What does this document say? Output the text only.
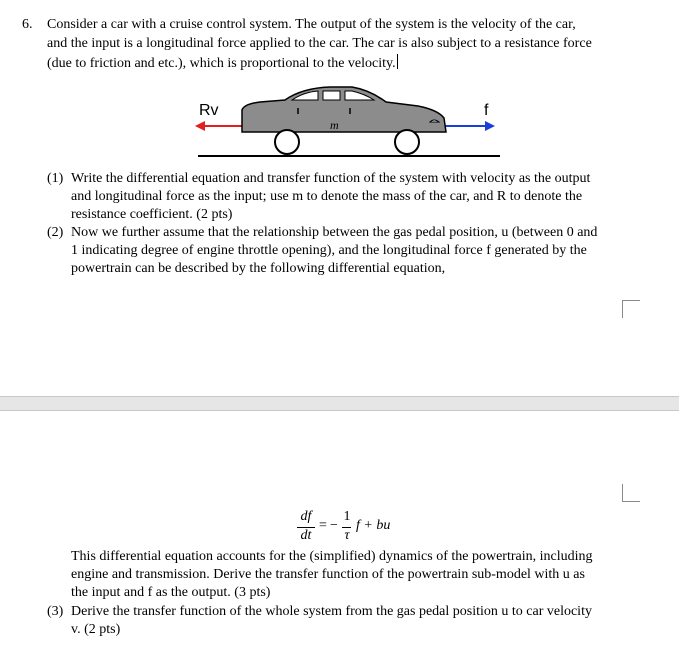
6. Consider a car with a cruise control system. The output of the system is the velocity of the car,
and the input is a longitudinal force applied to the car. The car is also subject to a resistance force
(due to friction and etc.), which is proportional to the velocity.
Rv	f
m
(1) Write the differential equation and transfer function of the system with velocity as the output
and longitudinal force as the input; use m to denote the mass of the car, and R to denote the
resistance coefficient. (2 pts)
(2) Now we further assume that the relationship between the gas pedal position, u (between 0 and
1 indicating degree of engine throttle opening), and the longitudinal force f generated by the
powertrain can be described by the following differential equation,
df
dt
= −
1
τ
f + bu
This differential equation accounts for the (simplified) dynamics of the powertrain, including
engine and transmission. Derive the transfer function of the powertrain sub-model with u as
the input and f as the output. (3 pts)
(3) Derive the transfer function of the whole system from the gas pedal position u to car velocity
v. (2 pts)
